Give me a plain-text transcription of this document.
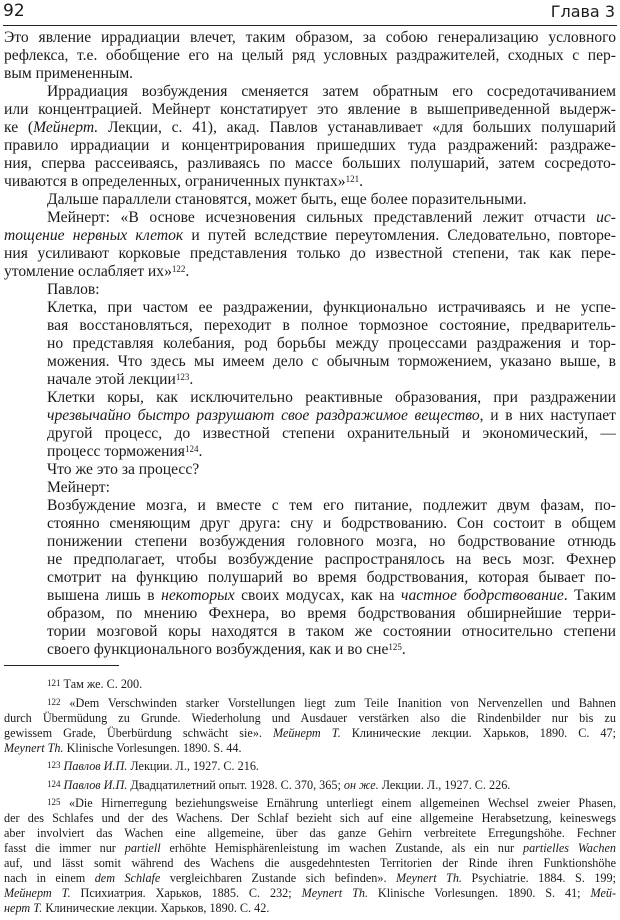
92	Глава 3
Это явление иррадиации влечет, таким образом, за собою генерализацию условного
рефлекса, т.е. обобщение его на целый ряд условных раздражителей, сходных с пер-
вым примененным.
Иррадиация возбуждения сменяется затем обратным его сосредотачиванием
или концентрацией. Мейнерт констатирует это явление в вышеприведенной выдерж-
ке (Мейнерт. Лекции, с. 41), акад. Павлов устанавливает «для больших полушарий
правило иррадиации и концентрирования пришедших туда раздражений: раздраже-
ния, сперва рассеиваясь, разливаясь по массе больших полушарий, затем сосредото-
чиваются в определенных, ограниченных пунктах»$^{121}$.
Дальше параллели становятся, может быть, еще более поразительными.
Мейнерт: «В основе исчезновения сильных представлений лежит отчасти ис-
тощение нервных клеток и путей вследствие переутомления. Следовательно, повторе-
ния усиливают корковые представления только до известной степени, так как пере-
утомление ослабляет их»$^{122}$.
Павлов:
Клетка, при частом ее раздражении, функционально истрачиваясь и не успе-
вая восстановляться, переходит в полное тормозное состояние, предваритель-
но представляя колебания, род борьбы между процессами раздражения и тор-
можения. Что здесь мы имеем дело с обычным торможением, указано выше, в
начале этой лекции$^{123}$.
Клетки коры, как исключительно реактивные образования, при раздражении
чрезвычайно быстро разрушают свое раздражимое вещество, и в них наступает
другой процесс, до известной степени охранительный и экономический, —
процесс торможения$^{124}$.
Что же это за процесс?
Мейнерт:
Возбуждение мозга, и вместе с тем его питание, подлежит двум фазам, по-
стоянно сменяющим друг друга: сну и бодрствованию. Сон состоит в общем
понижении степени возбуждения головного мозга, но бодрствование отнюдь
не предполагает, чтобы возбуждение распространялось на весь мозг. Фехнер
смотрит на функцию полушарий во время бодрствования, которая бывает по-
вышена лишь в некоторых своих модусах, как на частное бодрствование. Таким
образом, по мнению Фехнера, во время бодрствования обширнейшие терри-
тории мозговой коры находятся в таком же состоянии относительно степени
своего функционального возбуждения, как и во сне$^{125}$.
$^{121}$ Там же. С. 200.
$^{122}$ «Dem Verschwinden starker Vorstellungen liegt zum Teile Inanition von Nervenzellen und Bahnen
durch Übermüdung zu Grunde. Wiederholung und Ausdauer verstärken also die Rindenbilder nur bis zu
gewissem Grade, Überbürdung schwächt sie». Мейнерт Т. Клинические лекции. Харьков, 1890. С. 47;
Meynert Th. Klinische Vorlesungen. 1890. S. 44.
$^{123}$ Павлов И.П. Лекции. Л., 1927. С. 216.
$^{124}$ Павлов И.П. Двадцатилетний опыт. 1928. С. 370, 365; он же. Лекции. Л., 1927. С. 226.
$^{125}$ «Die Hirnerregung beziehungsweise Ernährung unterliegt einem allgemeinen Wechsel zweier Phasen,
der des Schlafes und der des Wachens. Der Schlaf bezieht sich auf eine allgemeine Herabsetzung, keineswegs
aber involviert das Wachen eine allgemeine, über das ganze Gehirn verbreitete Erregungshöhe. Fechner
fasst die immer nur partiell erhöhte Hemisphärenleistung im wachen Zustande, als ein nur partielles Wachen
auf, und lässt somit während des Wachens die ausgedehntesten Territorien der Rinde ihren Funktionshöhe
nach in einem dem Schlafe vergleichbaren Zustande sich befinden». Meynert Th. Psychiatrie. 1884. S. 199;
Мейнерт Т. Психиатрия. Харьков, 1885. С. 232; Meynert Th. Klinische Vorlesungen. 1890. S. 41; Мей-
нерт Т. Клинические лекции. Харьков, 1890. С. 42.
